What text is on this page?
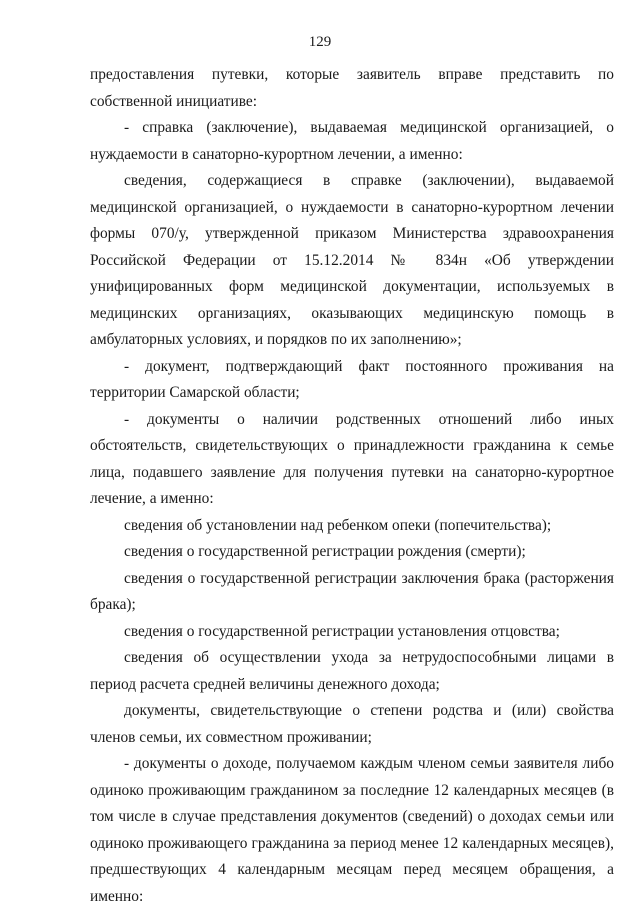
129

предоставления путевки, которые заявитель вправе представить по собственной инициативе:

- справка (заключение), выдаваемая медицинской организацией, о нуждаемости в санаторно-курортном лечении, а именно:

сведения, содержащиеся в справке (заключении), выдаваемой медицинской организацией, о нуждаемости в санаторно-курортном лечении формы 070/у, утвержденной приказом Министерства здравоохранения Российской Федерации от 15.12.2014 № 834н «Об утверждении унифицированных форм медицинской документации, используемых в медицинских организациях, оказывающих медицинскую помощь в амбулаторных условиях, и порядков по их заполнению»;

- документ, подтверждающий факт постоянного проживания на территории Самарской области;

- документы о наличии родственных отношений либо иных обстоятельств, свидетельствующих о принадлежности гражданина к семье лица, подавшего заявление для получения путевки на санаторно-курортное лечение, а именно:

сведения об установлении над ребенком опеки (попечительства);

сведения о государственной регистрации рождения (смерти);

сведения о государственной регистрации заключения брака (расторжения брака);

сведения о государственной регистрации установления отцовства;

сведения об осуществлении ухода за нетрудоспособными лицами в период расчета средней величины денежного дохода;

документы, свидетельствующие о степени родства и (или) свойства членов семьи, их совместном проживании;

- документы о доходе, получаемом каждым членом семьи заявителя либо одиноко проживающим гражданином за последние 12 календарных месяцев (в том числе в случае представления документов (сведений) о доходах семьи или одиноко проживающего гражданина за период менее 12 календарных месяцев), предшествующих 4 календарным месяцам перед месяцем обращения, а именно:
